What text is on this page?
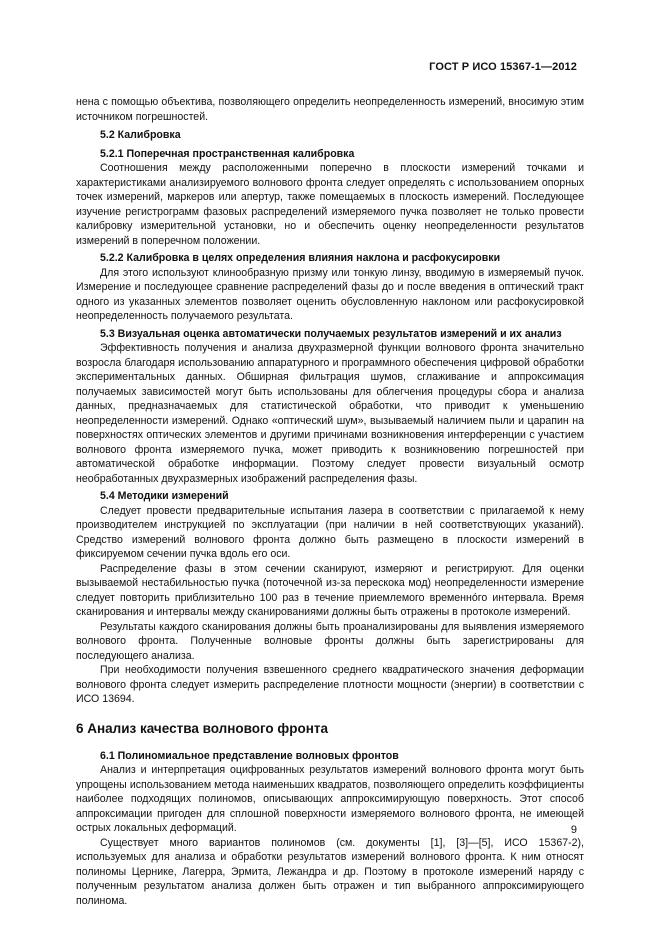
ГОСТ Р ИСО 15367-1—2012

нена с помощью объектива, позволяющего определить неопределенность измерений, вносимую этим источником погрешностей.

5.2 Калибровка

5.2.1 Поперечная пространственная калибровка

Соотношения между расположенными поперечно в плоскости измерений точками и характеристиками анализируемого волнового фронта следует определять с использованием опорных точек измерений, маркеров или апертур, также помещаемых в плоскость измерений. Последующее изучение регистрограмм фазовых распределений измеряемого пучка позволяет не только провести калибровку измерительной установки, но и обеспечить оценку неопределенности результатов измерений в поперечном положении.

5.2.2 Калибровка в целях определения влияния наклона и расфокусировки

Для этого используют клинообразную призму или тонкую линзу, вводимую в измеряемый пучок. Измерение и последующее сравнение распределений фазы до и после введения в оптический тракт одного из указанных элементов позволяет оценить обусловленную наклоном или расфокусировкой неопределенность получаемого результата.

5.3 Визуальная оценка автоматически получаемых результатов измерений и их анализ

Эффективность получения и анализа двухразмерной функции волнового фронта значительно возросла благодаря использованию аппаратурного и программного обеспечения цифровой обработки экспериментальных данных. Обширная фильтрация шумов, сглаживание и аппроксимация получаемых зависимостей могут быть использованы для облегчения процедуры сбора и анализа данных, предназначаемых для статистической обработки, что приводит к уменьшению неопределенности измерений. Однако «оптический шум», вызываемый наличием пыли и царапин на поверхностях оптических элементов и другими причинами возникновения интерференции с участием волнового фронта измеряемого пучка, может приводить к возникновению погрешностей при автоматической обработке информации. Поэтому следует провести визуальный осмотр необработанных двухразмерных изображений распределения фазы.

5.4 Методики измерений

Следует провести предварительные испытания лазера в соответствии с прилагаемой к нему производителем инструкцией по эксплуатации (при наличии в ней соответствующих указаний). Средство измерений волнового фронта должно быть размещено в плоскости измерений в фиксируемом сечении пучка вдоль его оси.

Распределение фазы в этом сечении сканируют, измеряют и регистрируют. Для оценки вызываемой нестабильностью пучка (поточечной из-за перескока мод) неопределенности измерение следует повторить приблизительно 100 раз в течение приемлемого временно́го интервала. Время сканирования и интервалы между сканированиями должны быть отражены в протоколе измерений.

Результаты каждого сканирования должны быть проанализированы для выявления измеряемого волнового фронта. Полученные волновые фронты должны быть зарегистрированы для последующего анализа.

При необходимости получения взвешенного среднего квадратического значения деформации волнового фронта следует измерить распределение плотности мощности (энергии) в соответствии с ИСО 13694.

6 Анализ качества волнового фронта

6.1 Полиномиальное представление волновых фронтов

Анализ и интерпретация оцифрованных результатов измерений волнового фронта могут быть упрощены использованием метода наименьших квадратов, позволяющего определить коэффициенты наиболее подходящих полиномов, описывающих аппроксимирующую поверхность. Этот способ аппроксимации пригоден для сплошной поверхности измеряемого волнового фронта, не имеющей острых локальных деформаций.

Существует много вариантов полиномов (см. документы [1], [3]—[5], ИСО 15367-2), используемых для анализа и обработки результатов измерений волнового фронта. К ним относят полиномы Цернике, Лагерра, Эрмита, Лежандра и др. Поэтому в протоколе измерений наряду с полученным результатом анализа должен быть отражен и тип выбранного аппроксимирующего полинома.

9
